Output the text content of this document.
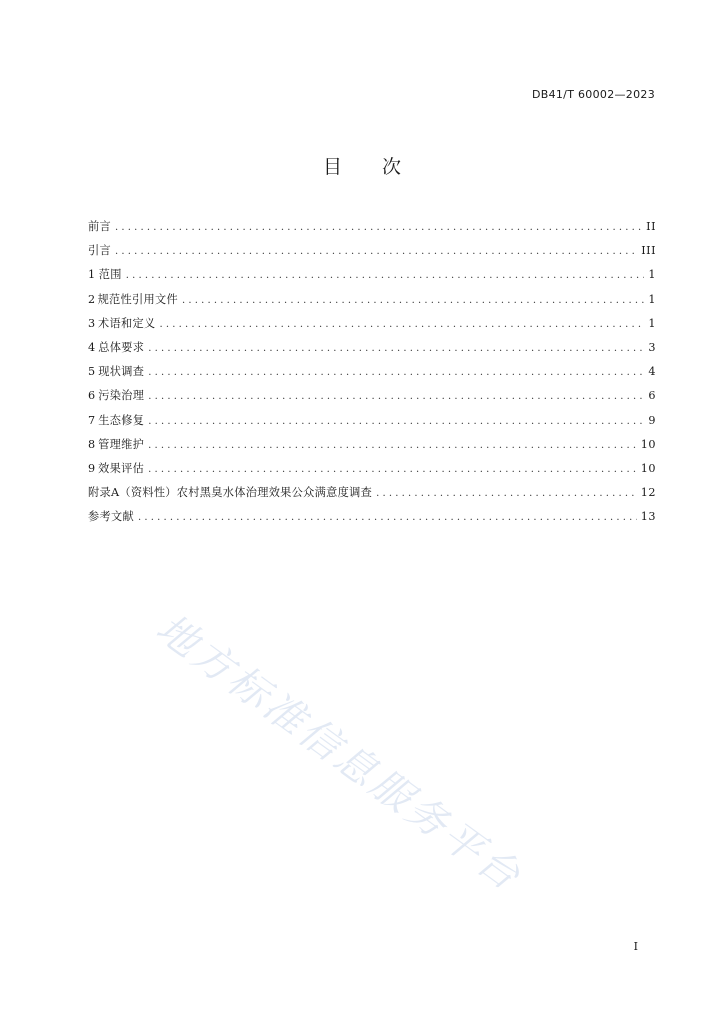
DB41/T 60002—2023
目 次
前言 .....	II
引言 .....	III
1 范围 .....	1
2 规范性引用文件 .....	1
3 术语和定义 .....	1
4 总体要求 .....	3
5 现状调查 .....	4
6 污染治理 .....	6
7 生态修复 .....	9
8 管理维护 .....	10
9 效果评估 .....	10
附录A（资料性）农村黑臭水体治理效果公众满意度调查 .....	12
参考文献 .....	13
地方标准信息服务平台
I
